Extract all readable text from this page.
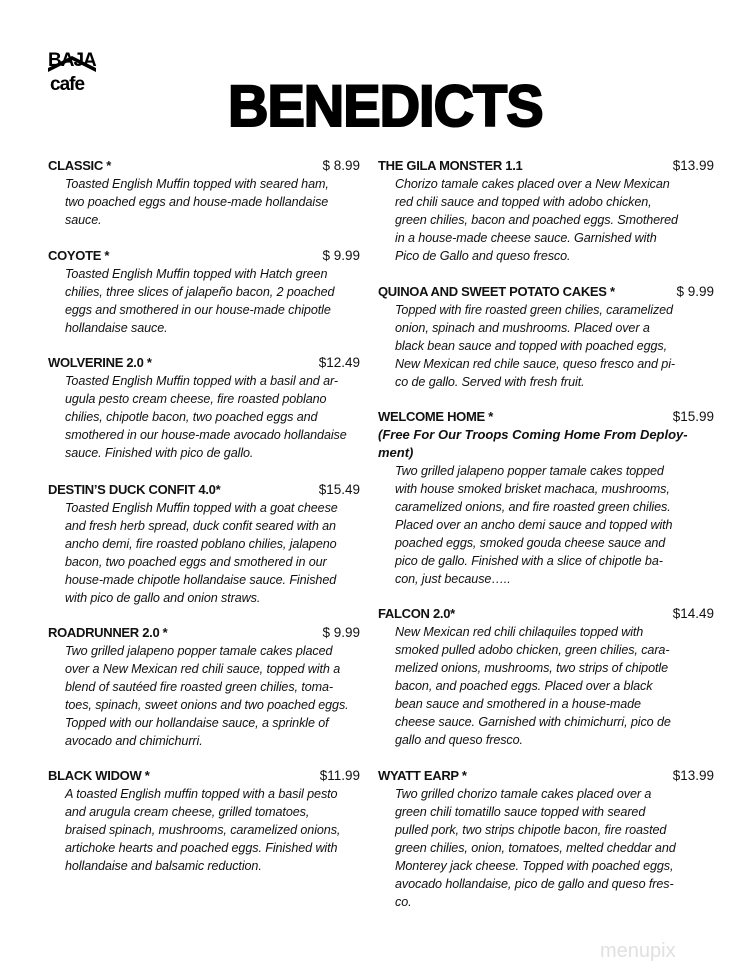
BAJA
cafe	BENEDICTS
CLASSIC *	$ 8.99
Toasted English Muffin topped with seared ham,
two poached eggs and house-made hollandaise
sauce.
COYOTE *	$ 9.99
Toasted English Muffin topped with Hatch green
chilies, three slices of jalapeño bacon, 2 poached
eggs and smothered in our house-made chipotle
hollandaise sauce.
WOLVERINE 2.0 *	$12.49
Toasted English Muffin topped with a basil and ar-
ugula pesto cream cheese, fire roasted poblano
chilies, chipotle bacon, two poached eggs and
smothered in our house-made avocado hollandaise
sauce. Finished with pico de gallo.
DESTIN’S DUCK CONFIT 4.0*	$15.49
Toasted English Muffin topped with a goat cheese
and fresh herb spread, duck confit seared with an
ancho demi, fire roasted poblano chilies, jalapeno
bacon, two poached eggs and smothered in our
house-made chipotle hollandaise sauce. Finished
with pico de gallo and onion straws.
ROADRUNNER 2.0 *	$ 9.99
Two grilled jalapeno popper tamale cakes placed
over a New Mexican red chili sauce, topped with a
blend of sautéed fire roasted green chilies, toma-
toes, spinach, sweet onions and two poached eggs.
Topped with our hollandaise sauce, a sprinkle of
avocado and chimichurri.
BLACK WIDOW *	$11.99
A toasted English muffin topped with a basil pesto
and arugula cream cheese, grilled tomatoes,
braised spinach, mushrooms, caramelized onions,
artichoke hearts and poached eggs. Finished with
hollandaise and balsamic reduction.
THE GILA MONSTER 1.1	$13.99
Chorizo tamale cakes placed over a New Mexican
red chili sauce and topped with adobo chicken,
green chilies, bacon and poached eggs. Smothered
in a house-made cheese sauce. Garnished with
Pico de Gallo and queso fresco.
QUINOA AND SWEET POTATO CAKES *	$ 9.99
Topped with fire roasted green chilies, caramelized
onion, spinach and mushrooms. Placed over a
black bean sauce and topped with poached eggs,
New Mexican red chile sauce, queso fresco and pi-
co de gallo. Served with fresh fruit.
WELCOME HOME *	$15.99
(Free For Our Troops Coming Home From Deploy-
ment)
Two grilled jalapeno popper tamale cakes topped
with house smoked brisket machaca, mushrooms,
caramelized onions, and fire roasted green chilies.
Placed over an ancho demi sauce and topped with
poached eggs, smoked gouda cheese sauce and
pico de gallo. Finished with a slice of chipotle ba-
con, just because…..
FALCON 2.0*	$14.49
New Mexican red chili chilaquiles topped with
smoked pulled adobo chicken, green chilies, cara-
melized onions, mushrooms, two strips of chipotle
bacon, and poached eggs. Placed over a black
bean sauce and smothered in a house-made
cheese sauce. Garnished with chimichurri, pico de
gallo and queso fresco.
WYATT EARP *	$13.99
Two grilled chorizo tamale cakes placed over a
green chili tomatillo sauce topped with seared
pulled pork, two strips chipotle bacon, fire roasted
green chilies, onion, tomatoes, melted cheddar and
Monterey jack cheese. Topped with poached eggs,
avocado hollandaise, pico de gallo and queso fres-
co.
menupix
